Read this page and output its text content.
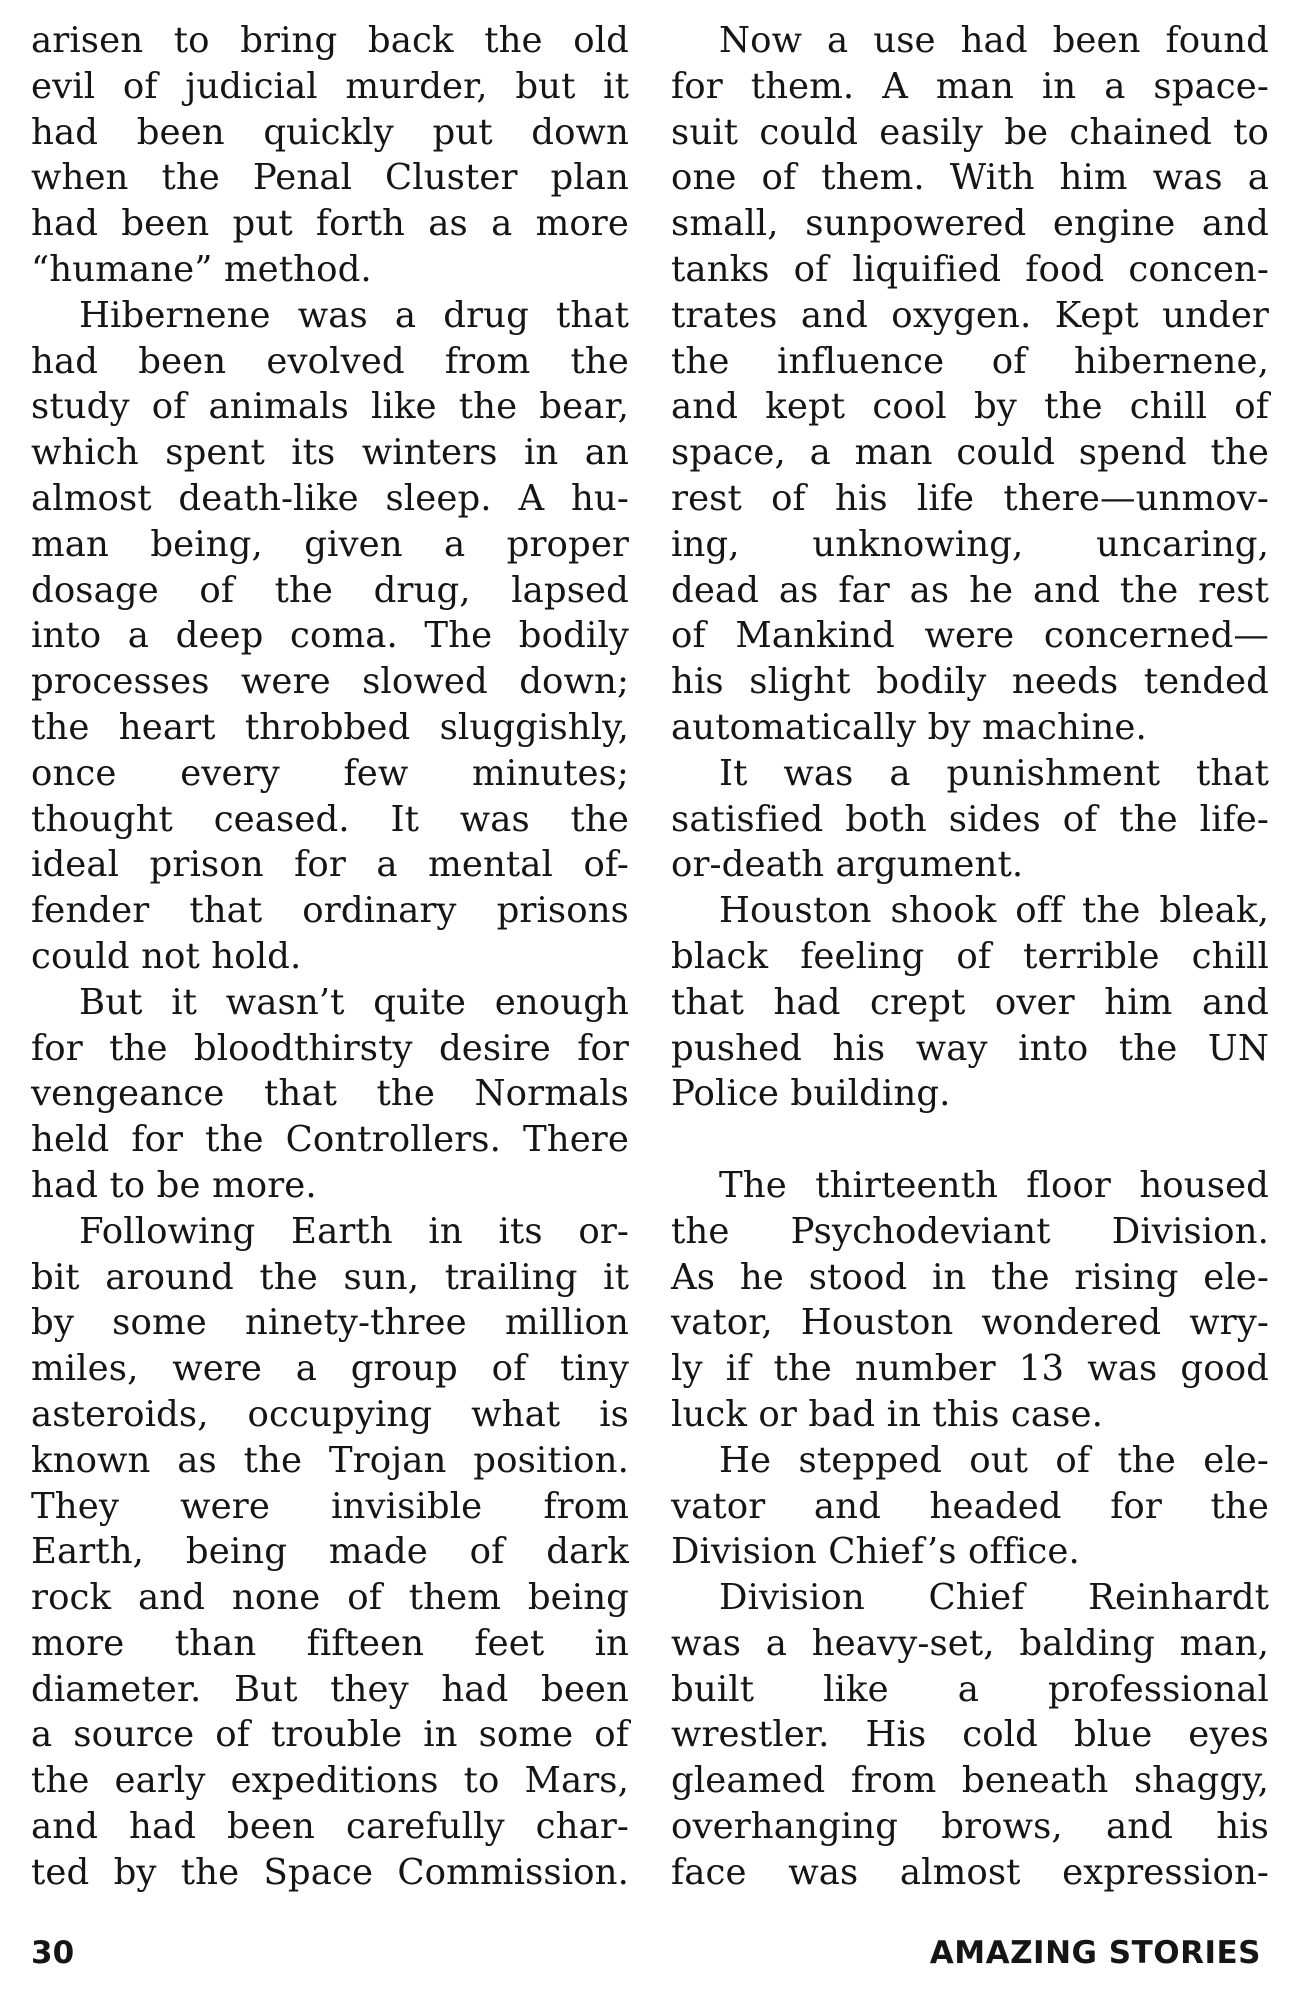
arisen to bring back the old
evil of judicial murder, but it
had been quickly put down
when the Penal Cluster plan
had been put forth as a more
“humane” method.
Hibernene was a drug that
had been evolved from the
study of animals like the bear,
which spent its winters in an
almost death-like sleep. A hu-
man being, given a proper
dosage of the drug, lapsed
into a deep coma. The bodily
processes were slowed down;
the heart throbbed sluggishly,
once every few minutes;
thought ceased. It was the
ideal prison for a mental of-
fender that ordinary prisons
could not hold.
But it wasn’t quite enough
for the bloodthirsty desire for
vengeance that the Normals
held for the Controllers. There
had to be more.
Following Earth in its or-
bit around the sun, trailing it
by some ninety-three million
miles, were a group of tiny
asteroids, occupying what is
known as the Trojan position.
They were invisible from
Earth, being made of dark
rock and none of them being
more than fifteen feet in
diameter. But they had been
a source of trouble in some of
the early expeditions to Mars,
and had been carefully char-
ted by the Space Commission.
Now a use had been found
for them. A man in a space-
suit could easily be chained to
one of them. With him was a
small, sunpowered engine and
tanks of liquified food concen-
trates and oxygen. Kept under
the influence of hibernene,
and kept cool by the chill of
space, a man could spend the
rest of his life there—unmov-
ing, unknowing, uncaring,
dead as far as he and the rest
of Mankind were concerned—
his slight bodily needs tended
automatically by machine.
It was a punishment that
satisfied both sides of the life-
or-death argument.
Houston shook off the bleak,
black feeling of terrible chill
that had crept over him and
pushed his way into the UN
Police building.
The thirteenth floor housed
the Psychodeviant Division.
As he stood in the rising ele-
vator, Houston wondered wry-
ly if the number 13 was good
luck or bad in this case.
He stepped out of the ele-
vator and headed for the
Division Chief’s office.
Division Chief Reinhardt
was a heavy-set, balding man,
built like a professional
wrestler. His cold blue eyes
gleamed from beneath shaggy,
overhanging brows, and his
face was almost expression-
30	AMAZING STORIES
